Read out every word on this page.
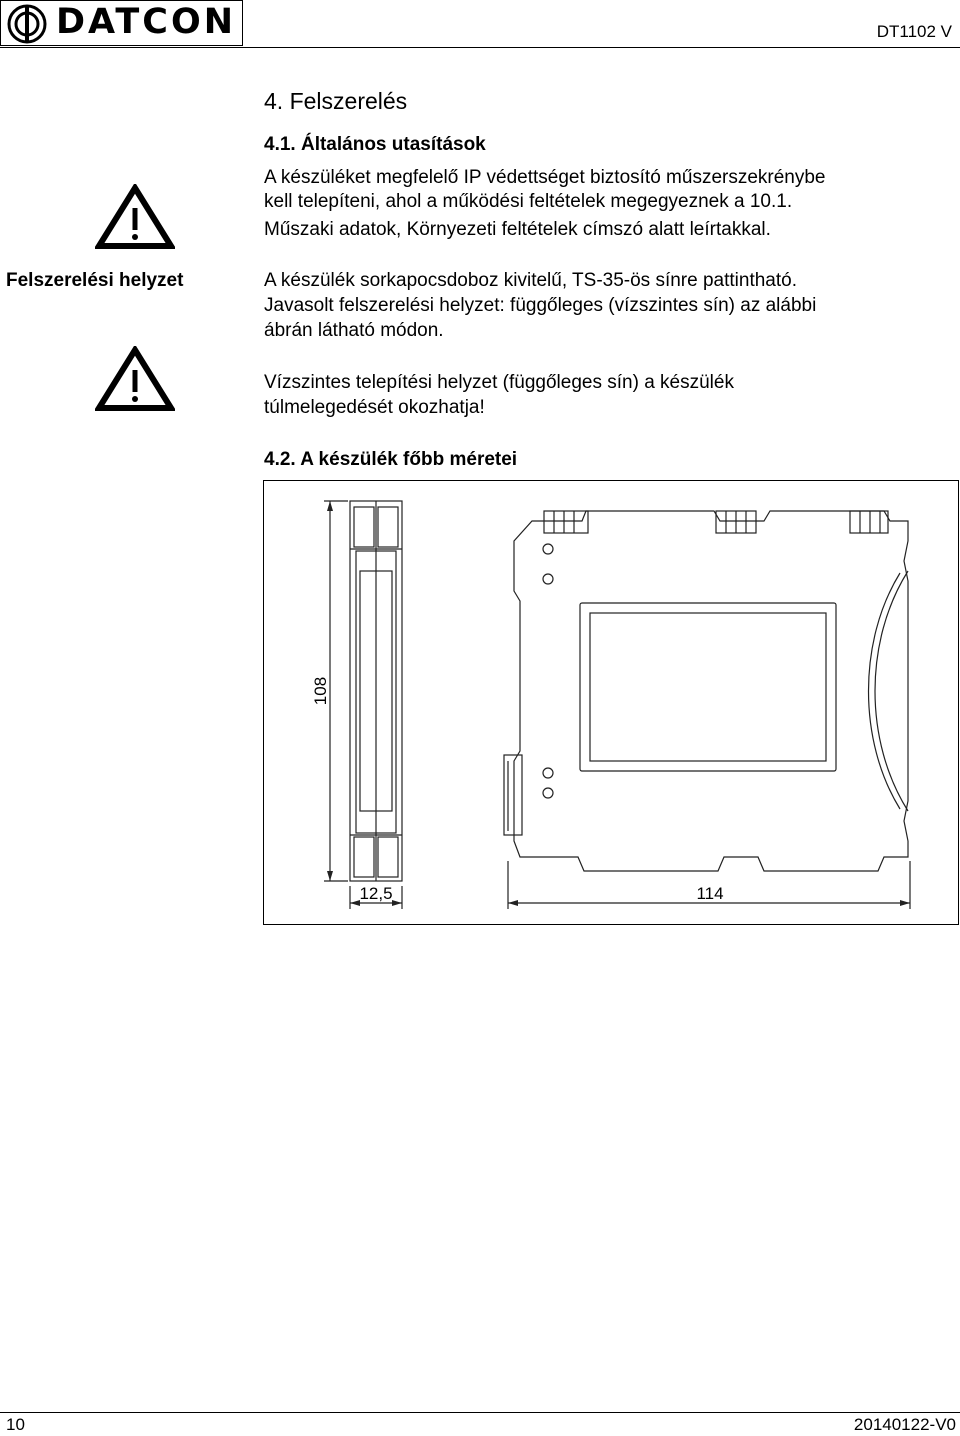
DATCON	DT1102 V
4. Felszerelés
4.1. Általános utasítások
A készüléket megfelelő IP védettséget biztosító műszerszekrénybe
kell telepíteni, ahol a működési feltételek megegyeznek a 10.1.
Műszaki adatok, Környezeti feltételek címszó alatt leírtakkal.
A készülék sorkapocsdoboz kivitelű, TS-35-ös sínre pattintható.
Javasolt felszerelési helyzet: függőleges (vízszintes sín) az alábbi
ábrán látható módon.
Vízszintes telepítési helyzet (függőleges sín) a készülék
túlmelegedését okozhatja!
4.2. A készülék főbb méretei
Felszerelési helyzet
108
12,5	114
10	20140122-V0
